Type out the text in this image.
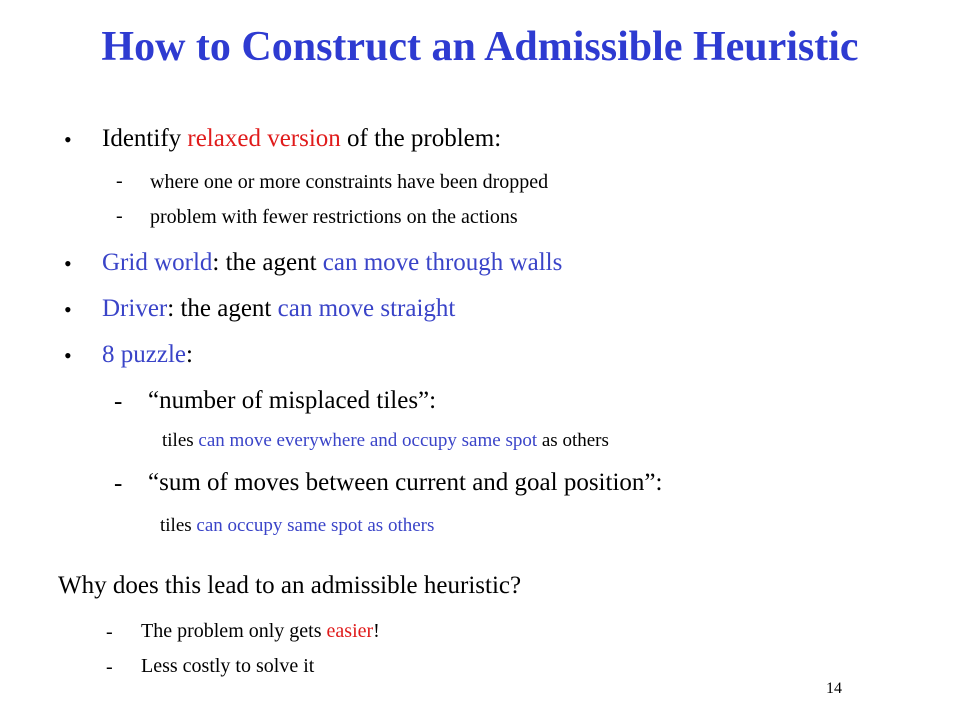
How to Construct an Admissible Heuristic
• Identify relaxed version of the problem:
- where one or more constraints have been dropped
- problem with fewer restrictions on the actions
• Grid world: the agent can move through walls
• Driver: the agent can move straight
• 8 puzzle:
- “number of misplaced tiles”:
tiles can move everywhere and occupy same spot as others
- “sum of moves between current and goal position”:
tiles can occupy same spot as others
Why does this lead to an admissible heuristic?
- The problem only gets easier!
- Less costly to solve it
14
